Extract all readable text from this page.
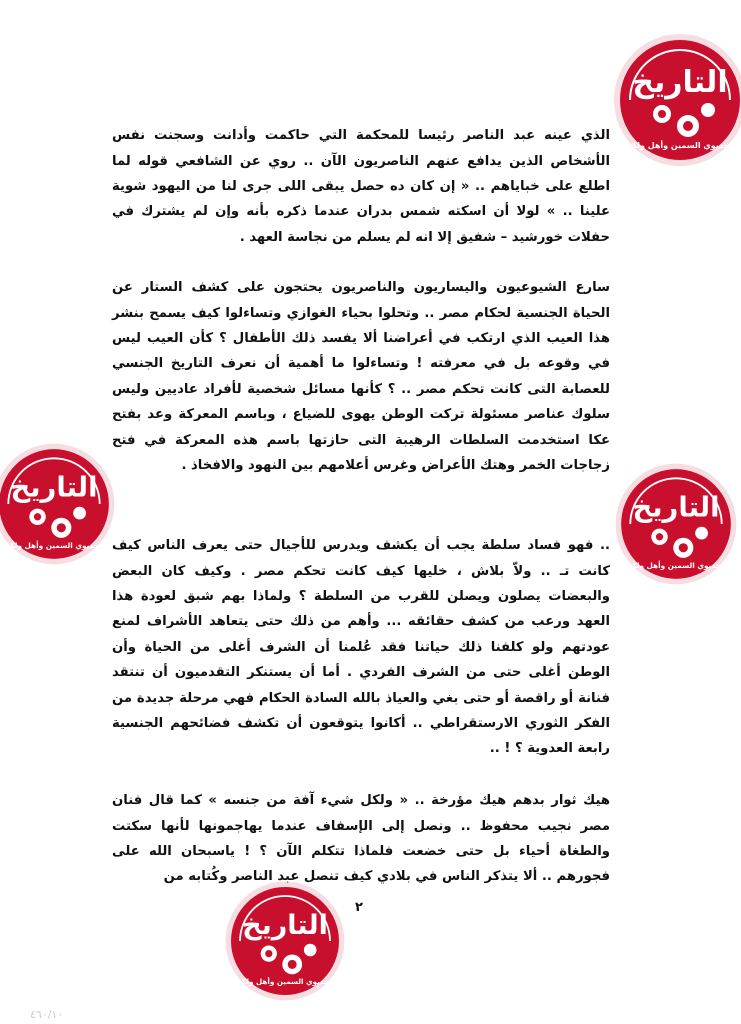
التاريخ
الخديوي السمين وأهل ولكن
التاريخ
الخديوي السمين وأهل ولكن
التاريخ
الخديوي السمين وأهل ولكن
التاريخ
الخديوي السمين وأهل ولكن

الذي عينه عبد الناصر رئيسا للمحكمة التي حاكمت وأدانت وسجنت نفس الأشخاص الذين يدافع عنهم الناصريون الآن .. روي عن الشافعي قوله لما اطلع على خباياهم .. « إن كان ده حصل يبقى اللى جرى لنا من اليهود شوية علينا .. » لولا أن اسكته شمس بدران عندما ذكره بأنه وإن لم يشترك في حفلات خورشيد – شفيق إلا انه لم يسلم من نجاسة العهد .

سارع الشيوعيون واليساريون والناصريون يحتجون على كشف الستار عن الحياة الجنسية لحكام مصر .. وتحلوا بحياء الغوازي وتساءلوا كيف يسمح بنشر هذا العيب الذي ارتكب في أعراضنا ألا يفسد ذلك الأطفال ؟ كأن العيب ليس في وقوعه بل في معرفته ! وتساءلوا ما أهمية أن نعرف التاريخ الجنسي للعصابة التى كانت تحكم مصر .. ؟ كأنها مسائل شخصية لأفراد عاديين وليس سلوك عناصر مسئولة تركت الوطن يهوى للضياع ، وباسم المعركة وعد بفتح عكا استخدمت السلطات الرهيبة التى حازتها باسم هذه المعركة في فتح زجاجات الخمر وهتك الأعراض وغرس أعلامهم بين النهود والافخاذ .

.. فهو فساد سلطة يجب أن يكشف ويدرس للأجيال حتى يعرف الناس كيف كانت تـ .. ولاّ بلاش ، خليها كيف كانت تحكم مصر . وكيف كان البعض والبعضات يصلون ويصلن للقرب من السلطة ؟ ولماذا بهم شبق لعودة هذا العهد ورعب من كشف حقائقه ... وأهم من ذلك حتى يتعاهد الأشراف لمنع عودتهم ولو كلفنا ذلك حياتنا فقد عُلمنا أن الشرف أغلى من الحياة وأن الوطن أغلى حتى من الشرف الفردي . أما أن يستنكر التقدميون أن تنتقد فنانة أو راقصة أو حتى بغي والعياذ بالله السادة الحكام فهي مرحلة جديدة من الفكر الثوري الارستقراطي .. أكانوا يتوقعون أن تكشف فضائحهم الجنسية رابعة العدوية ؟ ! ..

هيك ثوار بدهم هيك مؤرخة .. « ولكل شيء آفة من جنسه » كما قال فنان مصر نجيب محفوظ .. ونصل إلى الإسفاف عندما يهاجمونها لأنها سكتت والطغاة أحياء بل حتى خضعت فلماذا تتكلم الآن ؟ ! ياسبحان الله على فجورهم .. ألا يتذكر الناس في بلادي كيف تنصل عبد الناصر وكُتابه من

٢
٤٦٠/١٠
